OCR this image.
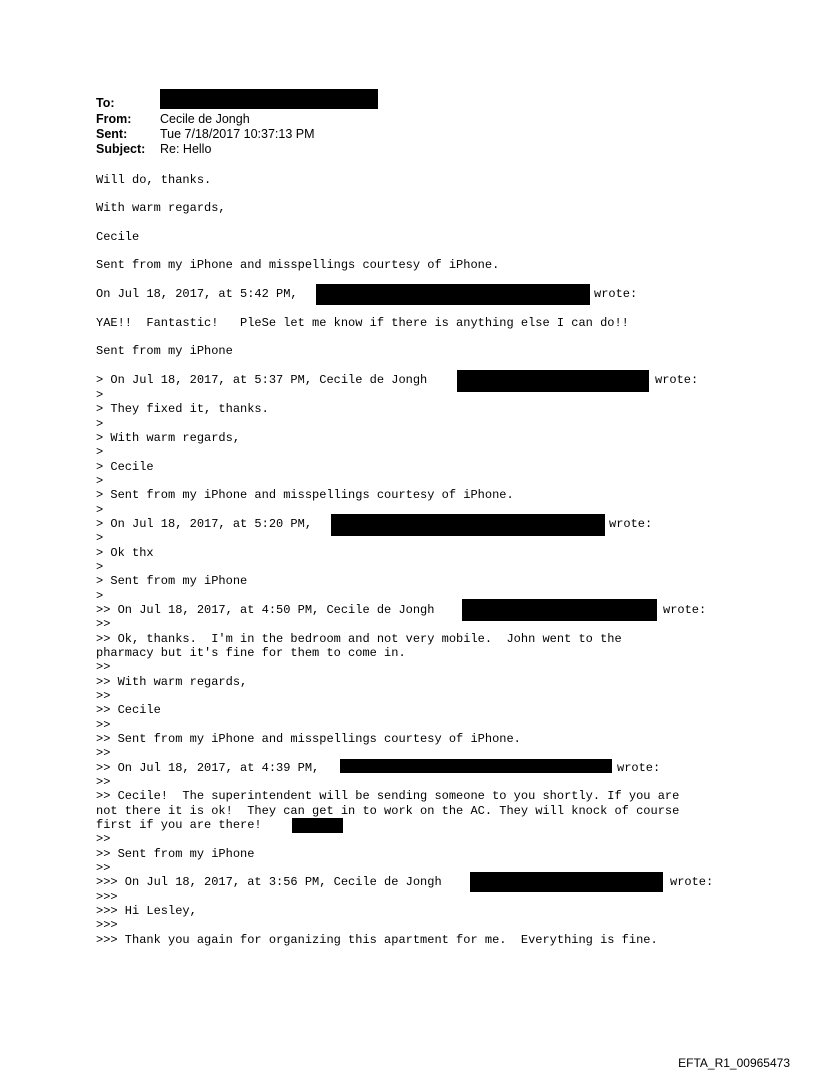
To:
From: Cecile de Jongh
Sent:	Tue 7/18/2017 10:37:13 PM
Subject: Re: Hello
Will do, thanks.
With warm regards,
Cecile
Sent from my iPhone and misspellings courtesy of iPhone.
On Jul 18, 2017, at 5:42 PM,	wrote:
YAE!!  Fantastic!   PleSe let me know if there is anything else I can do!!
Sent from my iPhone
> On Jul 18, 2017, at 5:37 PM, Cecile de Jongh	wrote:
>
> They fixed it, thanks.
>
> With warm regards,
>
> Cecile
>
> Sent from my iPhone and misspellings courtesy of iPhone.
>
> On Jul 18, 2017, at 5:20 PM,	wrote:
>
> Ok thx
>
> Sent from my iPhone
>
>> On Jul 18, 2017, at 4:50 PM, Cecile de Jongh	wrote:
>>
>> Ok, thanks.  I'm in the bedroom and not very mobile.  John went to the
pharmacy but it's fine for them to come in.
>>
>> With warm regards,
>>
>> Cecile
>>
>> Sent from my iPhone and misspellings courtesy of iPhone.
>>
>> On Jul 18, 2017, at 4:39 PM,	wrote:
>>
>> Cecile!  The superintendent will be sending someone to you shortly. If you are
not there it is ok!  They can get in to work on the AC. They will knock of course
first if you are there!
>>
>> Sent from my iPhone
>>
>>> On Jul 18, 2017, at 3:56 PM, Cecile de Jongh	wrote:
>>>
>>> Hi Lesley,
>>>
>>> Thank you again for organizing this apartment for me.  Everything is fine.
EFTA_R1_00965473
